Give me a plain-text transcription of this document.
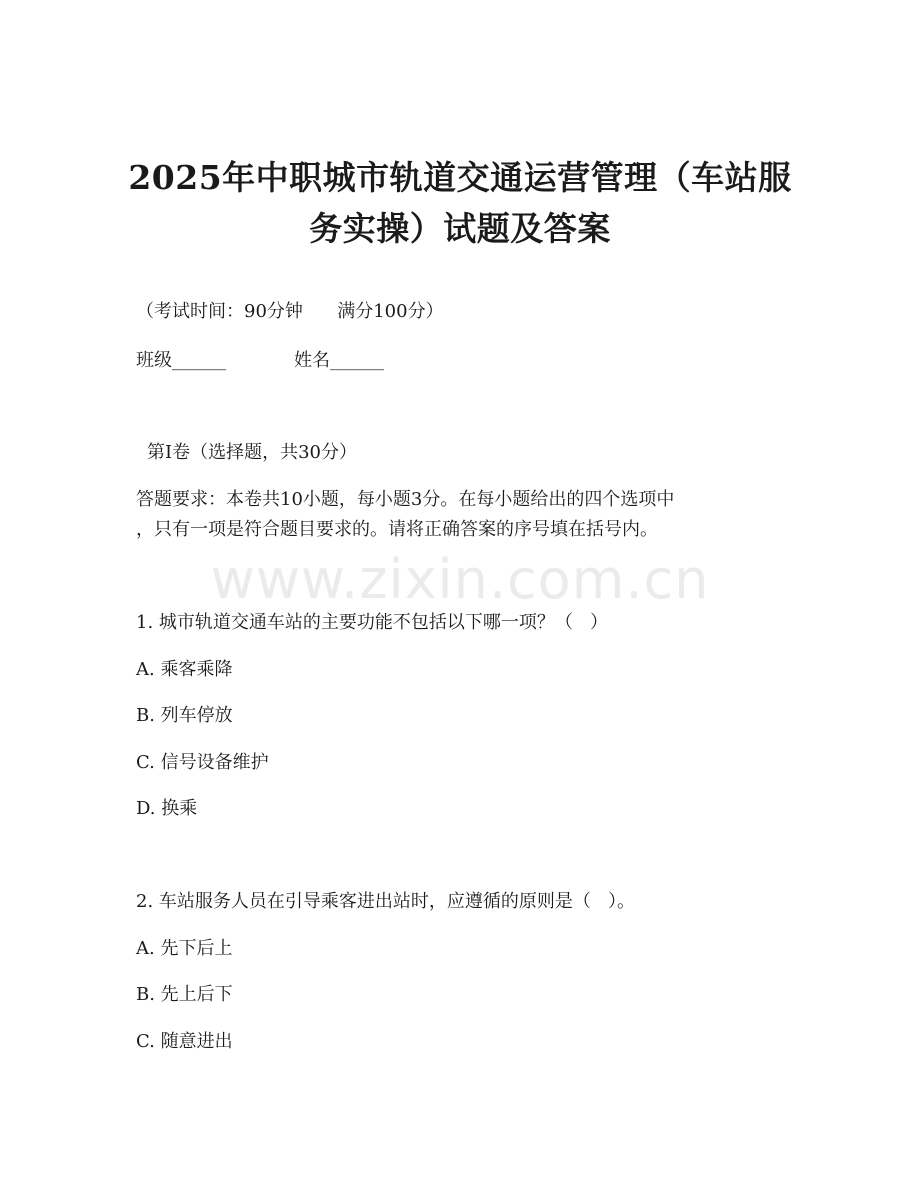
2025年中职城市轨道交通运营管理（车站服
务实操）试题及答案
（考试时间：90分钟      满分100分）
班级______	姓名______
第Ⅰ卷（选择题，共30分）
答题要求：本卷共10小题，每小题3分。在每小题给出的四个选项中
，只有一项是符合题目要求的。请将正确答案的序号填在括号内。
www.zixin.com.cn
1. 城市轨道交通车站的主要功能不包括以下哪一项？（   ）
A. 乘客乘降
B. 列车停放
C. 信号设备维护
D. 换乘
2. 车站服务人员在引导乘客进出站时，应遵循的原则是（   ）。
A. 先下后上
B. 先上后下
C. 随意进出
